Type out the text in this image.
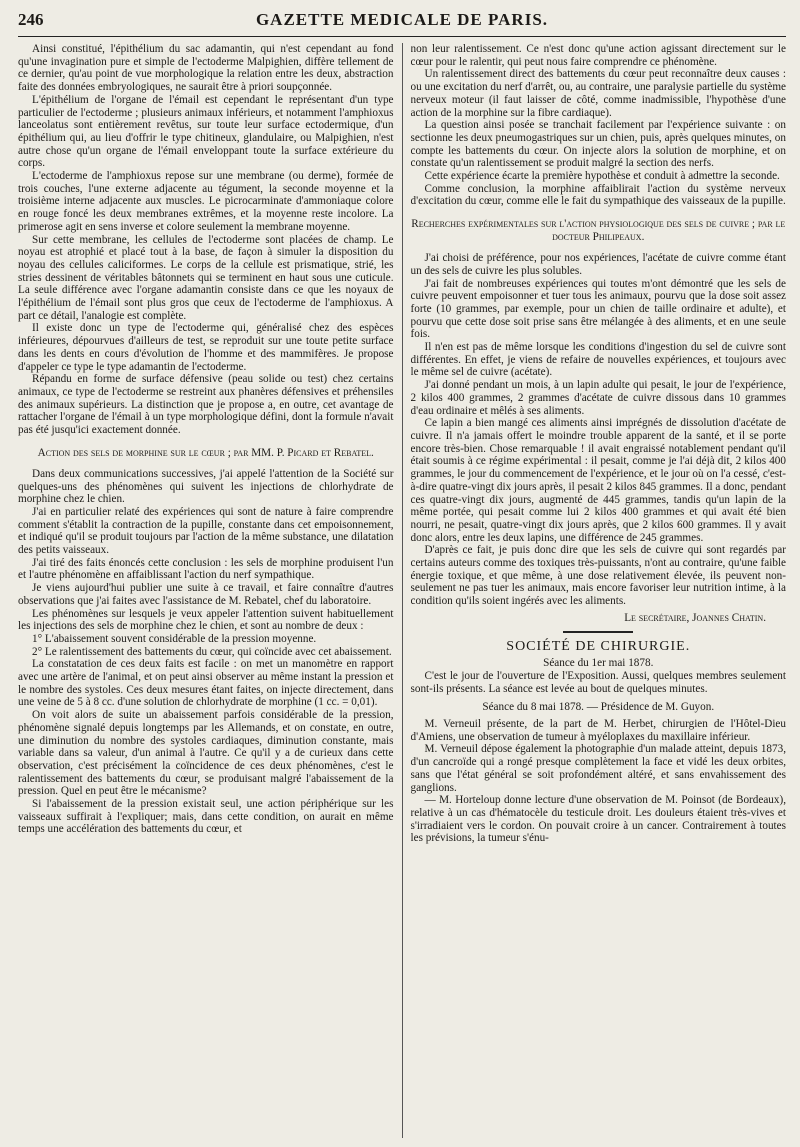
246	GAZETTE MEDICALE DE PARIS.

Ainsi constitué, l'épithélium du sac adamantin, qui n'est cependant au fond qu'une invagination pure et simple de l'ectoderme Malpighien, diffère tellement de ce dernier, qu'au point de vue morphologique la relation entre les deux, abstraction faite des données embryologiques, ne saurait être à priori soupçonnée.

L'épithélium de l'organe de l'émail est cependant le représentant d'un type particulier de l'ectoderme ; plusieurs animaux inférieurs, et notamment l'amphioxus lanceolatus sont entièrement revêtus, sur toute leur surface ectodermique, d'un épithélium qui, au lieu d'offrir le type chitineux, glandulaire, ou Malpighien, n'est autre chose qu'un organe de l'émail enveloppant toute la surface extérieure du corps.

L'ectoderme de l'amphioxus repose sur une membrane (ou derme), formée de trois couches, l'une externe adjacente au tégument, la seconde moyenne et la troisième interne adjacente aux muscles. Le picrocarminate d'ammoniaque colore en rouge foncé les deux membranes extrêmes, et la moyenne reste incolore. La primerose agit en sens inverse et colore seulement la membrane moyenne.

Sur cette membrane, les cellules de l'ectoderme sont placées de champ. Le noyau est atrophié et placé tout à la base, de façon à simuler la disposition du noyau des cellules caliciformes. Le corps de la cellule est prismatique, strié, les stries dessinent de véritables bâtonnets qui se terminent en haut sous une cuticule. La seule différence avec l'organe adamantin consiste dans ce que les noyaux de l'épithélium de l'émail sont plus gros que ceux de l'ectoderme de l'amphioxus. A part ce détail, l'analogie est complète.

Il existe donc un type de l'ectoderme qui, généralisé chez des espèces inférieures, dépourvues d'ailleurs de test, se reproduit sur une toute petite surface dans les dents en cours d'évolution de l'homme et des mammifères. Je propose d'appeler ce type le type adamantin de l'ectoderme.

Répandu en forme de surface défensive (peau solide ou test) chez certains animaux, ce type de l'ectoderme se restreint aux phanères défensives et préhensiles des animaux supérieurs. La distinction que je propose a, en outre, cet avantage de rattacher l'organe de l'émail à un type morphologique défini, dont la formule n'avait pas été jusqu'ici exactement donnée.

Action des sels de morphine sur le cœur ; par MM. P. Picard et Rebatel.

Dans deux communications successives, j'ai appelé l'attention de la Société sur quelques-uns des phénomènes qui suivent les injections de chlorhydrate de morphine chez le chien.

J'ai en particulier relaté des expériences qui sont de nature à faire comprendre comment s'établit la contraction de la pupille, constante dans cet empoisonnement, et indiqué qu'il se produit toujours par l'action de la même substance, une dilatation des petits vaisseaux.

J'ai tiré des faits énoncés cette conclusion : les sels de morphine produisent l'un et l'autre phénomène en affaiblissant l'action du nerf sympathique.

Je viens aujourd'hui publier une suite à ce travail, et faire connaître d'autres observations que j'ai faites avec l'assistance de M. Rebatel, chef du laboratoire.

Les phénomènes sur lesquels je veux appeler l'attention suivent habituellement les injections des sels de morphine chez le chien, et sont au nombre de deux :

1° L'abaissement souvent considérable de la pression moyenne.

2° Le ralentissement des battements du cœur, qui coïncide avec cet abaissement.

La constatation de ces deux faits est facile : on met un manomètre en rapport avec une artère de l'animal, et on peut ainsi observer au même instant la pression et le nombre des systoles. Ces deux mesures étant faites, on injecte directement, dans une veine de 5 à 8 cc. d'une solution de chlorhydrate de morphine (1 cc. = 0,01).

On voit alors de suite un abaissement parfois considérable de la pression, phénomène signalé depuis longtemps par les Allemands, et on constate, en outre, une diminution du nombre des systoles cardiaques, diminution constante, mais variable dans sa valeur, d'un animal à l'autre. Ce qu'il y a de curieux dans cette observation, c'est précisément la coïncidence de ces deux phénomènes, c'est le ralentissement des battements du cœur, se produisant malgré l'abaissement de la pression. Quel en peut être le mécanisme?

Si l'abaissement de la pression existait seul, une action périphérique sur les vaisseaux suffirait à l'expliquer; mais, dans cette condition, on aurait en même temps une accélération des battements du cœur, et

non leur ralentissement. Ce n'est donc qu'une action agissant directement sur le cœur pour le ralentir, qui peut nous faire comprendre ce phénomène.

Un ralentissement direct des battements du cœur peut reconnaître deux causes : ou une excitation du nerf d'arrêt, ou, au contraire, une paralysie partielle du système nerveux moteur (il faut laisser de côté, comme inadmissible, l'hypothèse d'une action de la morphine sur la fibre cardiaque).

La question ainsi posée se tranchait facilement par l'expérience suivante : on sectionne les deux pneumogastriques sur un chien, puis, après quelques minutes, on compte les battements du cœur. On injecte alors la solution de morphine, et on constate qu'un ralentissement se produit malgré la section des nerfs.

Cette expérience écarte la première hypothèse et conduit à admettre la seconde.

Comme conclusion, la morphine affaiblirait l'action du système nerveux d'excitation du cœur, comme elle le fait du sympathique des vaisseaux de la pupille.

Recherches expérimentales sur l'action physiologique des sels de cuivre ; par le docteur Philipeaux.

J'ai choisi de préférence, pour nos expériences, l'acétate de cuivre comme étant un des sels de cuivre les plus solubles.

J'ai fait de nombreuses expériences qui toutes m'ont démontré que les sels de cuivre peuvent empoisonner et tuer tous les animaux, pourvu que la dose soit assez forte (10 grammes, par exemple, pour un chien de taille ordinaire et adulte), et pourvu que cette dose soit prise sans être mélangée à des aliments, et en une seule fois.

Il n'en est pas de même lorsque les conditions d'ingestion du sel de cuivre sont différentes. En effet, je viens de refaire de nouvelles expériences, et toujours avec le même sel de cuivre (acétate).

J'ai donné pendant un mois, à un lapin adulte qui pesait, le jour de l'expérience, 2 kilos 400 grammes, 2 grammes d'acétate de cuivre dissous dans 10 grammes d'eau ordinaire et mêlés à ses aliments.

Ce lapin a bien mangé ces aliments ainsi imprégnés de dissolution d'acétate de cuivre. Il n'a jamais offert le moindre trouble apparent de la santé, et il se porte encore très-bien. Chose remarquable ! il avait engraissé notablement pendant qu'il était soumis à ce régime expérimental : il pesait, comme je l'ai déjà dit, 2 kilos 400 grammes, le jour du commencement de l'expérience, et le jour où on l'a cessé, c'est-à-dire quatre-vingt dix jours après, il pesait 2 kilos 845 grammes. Il a donc, pendant ces quatre-vingt dix jours, augmenté de 445 grammes, tandis qu'un lapin de la même portée, qui pesait comme lui 2 kilos 400 grammes et qui avait été bien nourri, ne pesait, quatre-vingt dix jours après, que 2 kilos 600 grammes. Il y avait donc alors, entre les deux lapins, une différence de 245 grammes.

D'après ce fait, je puis donc dire que les sels de cuivre qui sont regardés par certains auteurs comme des toxiques très-puissants, n'ont au contraire, qu'une faible énergie toxique, et que même, à une dose relativement élevée, ils peuvent non-seulement ne pas tuer les animaux, mais encore favoriser leur nutrition intime, à la condition qu'ils soient ingérés avec les aliments.

Le secrétaire, Joannes Chatin.
SOCIÉTÉ DE CHIRURGIE.
Séance du 1er mai 1878.

C'est le jour de l'ouverture de l'Exposition. Aussi, quelques membres seulement sont-ils présents. La séance est levée au bout de quelques minutes.

Séance du 8 mai 1878. — Présidence de M. Guyon.

M. Verneuil présente, de la part de M. Herbet, chirurgien de l'Hôtel-Dieu d'Amiens, une observation de tumeur à myéloplaxes du maxillaire inférieur.

M. Verneuil dépose également la photographie d'un malade atteint, depuis 1873, d'un cancroïde qui a rongé presque complètement la face et vidé les deux orbites, sans que l'état général se soit profondément altéré, et sans envahissement des ganglions.

— M. Horteloup donne lecture d'une observation de M. Poinsot (de Bordeaux), relative à un cas d'hématocèle du testicule droit. Les douleurs étaient très-vives et s'irradiaient vers le cordon. On pouvait croire à un cancer. Contrairement à toutes les prévisions, la tumeur s'énu-
